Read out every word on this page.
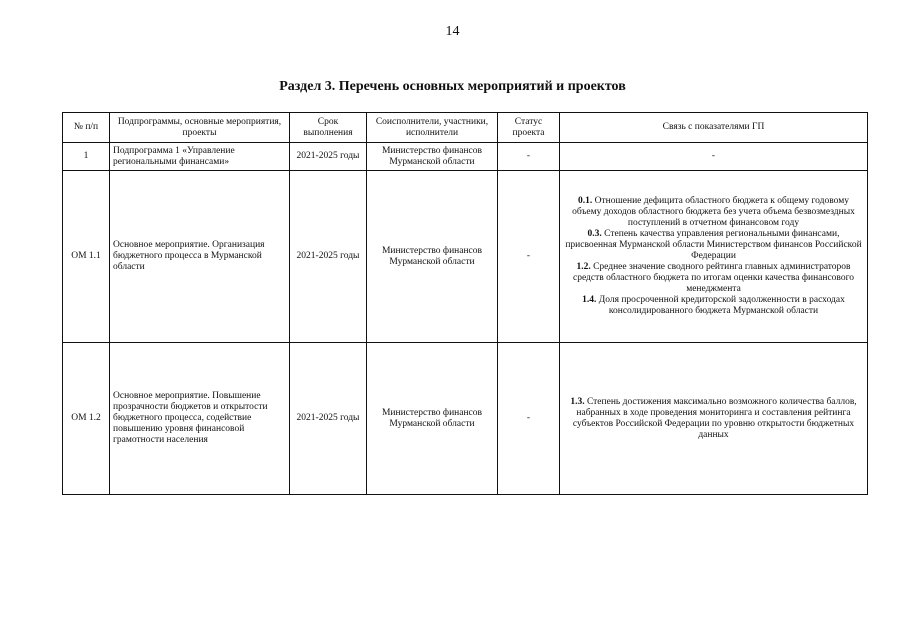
14
Раздел 3. Перечень основных мероприятий и проектов
№ п/п	Подпрограммы, основные мероприятия, проекты	Срок выполнения	Соисполнители, участники, исполнители	Статус проекта	Связь с показателями ГП
1	Подпрограмма 1 «Управление региональными финансами»	2021-2025 годы	Министерство финансов Мурманской области	-	-
ОМ 1.1	Основное мероприятие. Организация бюджетного процесса в Мурманской области	2021-2025 годы	Министерство финансов Мурманской области	-	0.1. Отношение дефицита областного бюджета к общему годовому объему доходов областного бюджета без учета объема безвозмездных поступлений в отчетном финансовом году
0.3. Степень качества управления региональными финансами, присвоенная Мурманской области Министерством финансов Российской Федерации
1.2. Среднее значение сводного рейтинга главных администраторов средств областного бюджета по итогам оценки качества финансового менеджмента
1.4. Доля просроченной кредиторской задолженности в расходах консолидированного бюджета Мурманской области

ОМ 1.2	Основное мероприятие. Повышение прозрачности бюджетов и открытости бюджетного процесса, содействие повышению уровня финансовой грамотности населения	2021-2025 годы	Министерство финансов Мурманской области	-	1.3. Степень достижения максимально возможного количества баллов, набранных в ходе проведения мониторинга и составления рейтинга субъектов Российской Федерации по уровню открытости бюджетных данных
